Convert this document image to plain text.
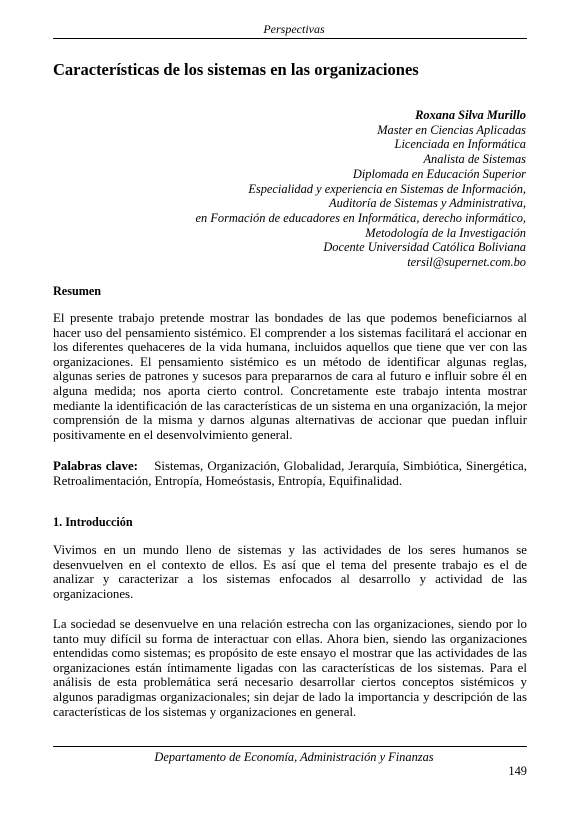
Perspectivas
Características de los sistemas en las organizaciones
Roxana Silva Murillo
Master en Ciencias Aplicadas
Licenciada en Informática
Analista de Sistemas
Diplomada en Educación Superior
Especialidad y experiencia en Sistemas de Información,
Auditoría de Sistemas y Administrativa,
en Formación de educadores en Informática, derecho informático,
Metodología de la Investigación
Docente Universidad Católica Boliviana
tersil@supernet.com.bo
Resumen
El presente trabajo pretende mostrar las bondades de las que podemos beneficiarnos al hacer uso del pensamiento sistémico. El comprender a los sistemas facilitará el accionar en los diferentes quehaceres de la vida humana, incluidos aquellos que tiene que ver con las organizaciones. El pensamiento sistémico es un método de identificar algunas reglas, algunas series de patrones y sucesos para prepararnos de cara al futuro e influir sobre él en alguna medida; nos aporta cierto control. Concretamente este trabajo intenta mostrar mediante la identificación de las características de un sistema en una organización, la mejor comprensión de la misma y darnos algunas alternativas de accionar que puedan influir positivamente en el desenvolvimiento general.
Palabras clave: Sistemas, Organización, Globalidad, Jerarquía, Simbiótica, Sinergética, Retroalimentación, Entropía, Homeóstasis, Entropía, Equifinalidad.
1. Introducción
Vivimos en un mundo lleno de sistemas y las actividades de los seres humanos se desenvuelven en el contexto de ellos. Es así que el tema del presente trabajo es el de analizar y caracterizar a los sistemas enfocados al desarrollo y actividad de las organizaciones.
La sociedad se desenvuelve en una relación estrecha con las organizaciones, siendo por lo tanto muy difícil su forma de interactuar con ellas. Ahora bien, siendo las organizaciones entendidas como sistemas; es propósito de este ensayo el mostrar que las actividades de las organizaciones están íntimamente ligadas con las características de los sistemas. Para el análisis de esta problemática será necesario desarrollar ciertos conceptos sistémicos y algunos paradigmas organizacionales; sin dejar de lado la importancia y descripción de las características de los sistemas y organizaciones en general.
Departamento de Economía, Administración y Finanzas
149
